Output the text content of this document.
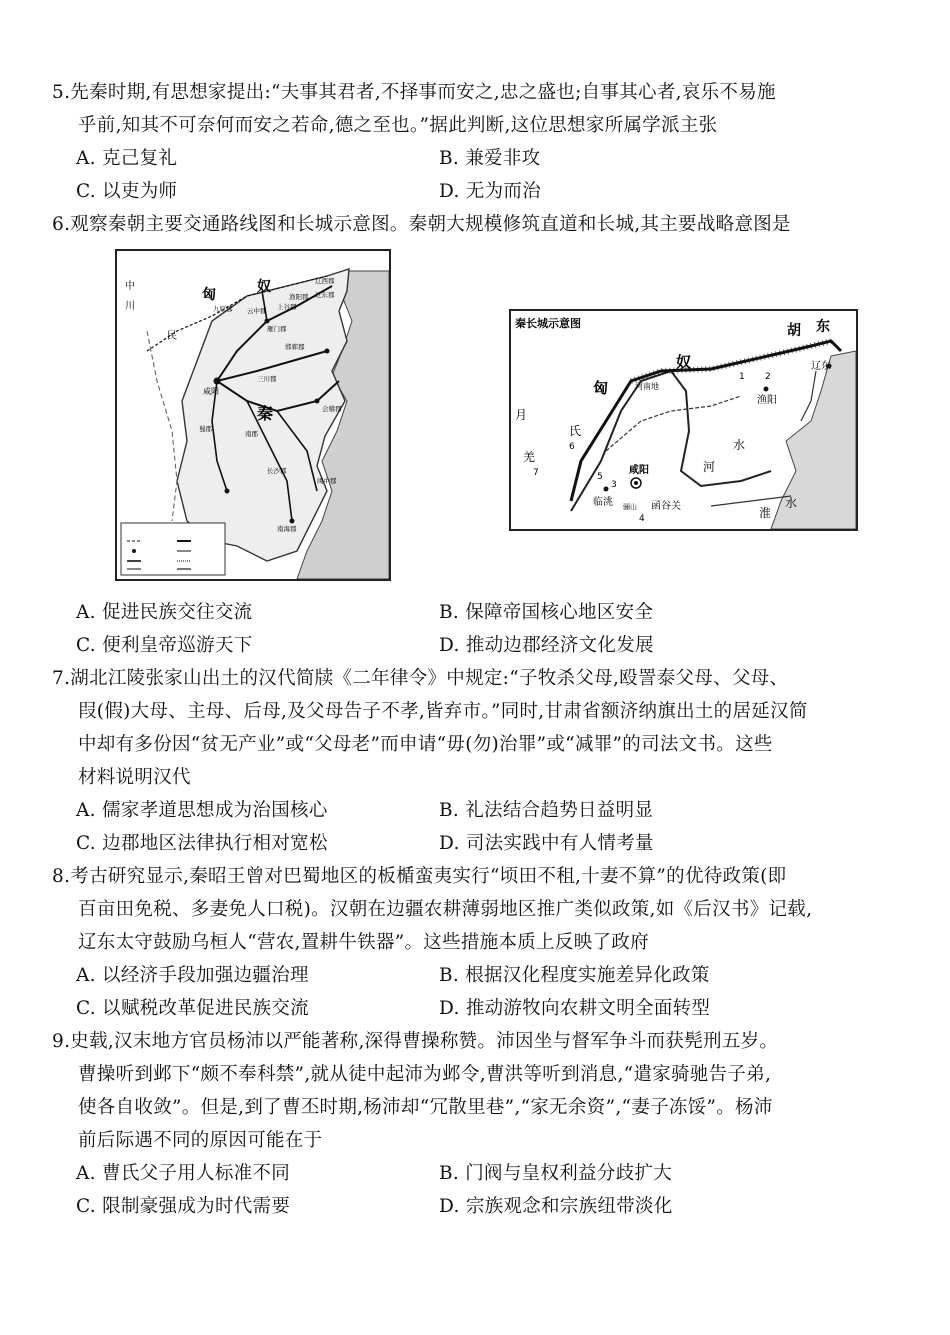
5.先秦时期,有思想家提出:“夫事其君者,不择事而安之,忠之盛也;自事其心者,哀乐不易施

乎前,知其不可奈何而安之若命,德之至也。”据此判断,这位思想家所属学派主张

A. 克己复礼	B. 兼爱非攻
C. 以吏为师	D. 无为而治

6.观察秦朝主要交通路线图和长城示意图。秦朝大规模修筑直道和长城,其主要战略意图是

匈	奴
秦
咸阳
中
川
民
九原郡 云中郡
雁门郡
辽西郡
辽东郡
渔阳郡
上谷郡
邯郸郡
三川郡
南郡
会稽郡
长沙郡
蜀郡
南海郡
闽中郡
秦长城示意图	胡 东
匈
奴
河南地
咸阳
临洮
辽东
渔阳
月
氏
羌
河
水
淮
水
骊山 函谷关
1 2
3
4
5
6
7
A. 促进民族交往交流	B. 保障帝国核心地区安全
C. 便利皇帝巡游天下	D. 推动边郡经济文化发展

7.湖北江陵张家山出土的汉代简牍《二年律令》中规定:“子牧杀父母,殴詈泰父母、父母、

叚(假)大母、主母、后母,及父母告子不孝,皆弃市。”同时,甘肃省额济纳旗出土的居延汉简

中却有多份因“贫无产业”或“父母老”而申请“毋(勿)治罪”或“减罪”的司法文书。这些

材料说明汉代

A. 儒家孝道思想成为治国核心	B. 礼法结合趋势日益明显
C. 边郡地区法律执行相对宽松	D. 司法实践中有人情考量

8.考古研究显示,秦昭王曾对巴蜀地区的板楯蛮夷实行“顷田不租,十妻不算”的优待政策(即

百亩田免税、多妻免人口税)。汉朝在边疆农耕薄弱地区推广类似政策,如《后汉书》记载,

辽东太守鼓励乌桓人“营农,置耕牛铁器”。这些措施本质上反映了政府

A. 以经济手段加强边疆治理	B. 根据汉化程度实施差异化政策
C. 以赋税改革促进民族交流	D. 推动游牧向农耕文明全面转型

9.史载,汉末地方官员杨沛以严能著称,深得曹操称赞。沛因坐与督军争斗而获髡刑五岁。

曹操听到邺下“颇不奉科禁”,就从徒中起沛为邺令,曹洪等听到消息,“遣家骑驰告子弟,

使各自收敛”。但是,到了曹丕时期,杨沛却“冗散里巷”,“家无余资”,“妻子冻馁”。杨沛

前后际遇不同的原因可能在于

A. 曹氏父子用人标准不同	B. 门阀与皇权利益分歧扩大
C. 限制豪强成为时代需要	D. 宗族观念和宗族纽带淡化
